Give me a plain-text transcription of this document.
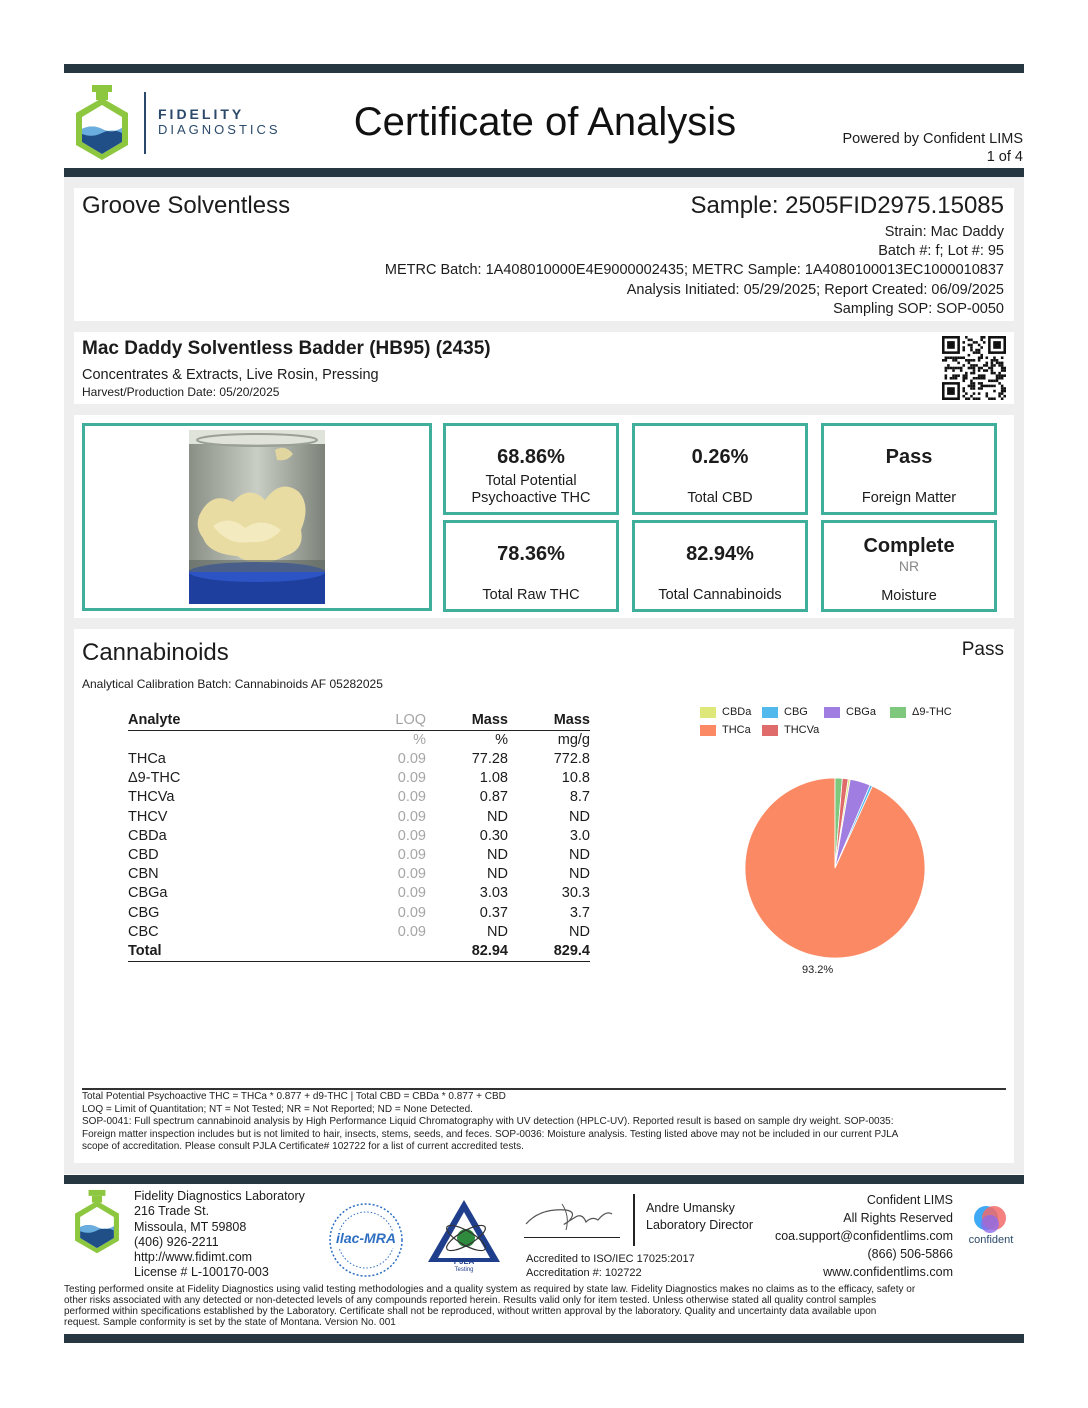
FIDELITY
DIAGNOSTICS	Certificate of Analysis	Powered by Confident LIMS
1 of 4
Groove Solventless	Sample: 2505FID2975.15085
Strain: Mac Daddy
Batch #: f; Lot #: 95
METRC Batch: 1A408010000E4E9000002435; METRC Sample: 1A4080100013EC1000010837
Analysis Initiated: 05/29/2025; Report Created: 06/09/2025
Sampling SOP: SOP-0050
Mac Daddy Solventless Badder (HB95) (2435)
Concentrates & Extracts, Live Rosin, Pressing
Harvest/Production Date: 05/20/2025
68.86%
Total Potential
Psychoactive THC
0.26%
Total CBD
Pass
Foreign Matter
78.36%
Total Raw THC
82.94%
Total Cannabinoids
Complete
NR
Moisture
Cannabinoids	Pass
Analytical Calibration Batch: Cannabinoids AF 05282025
Analyte	LOQ	Mass	Mass
	%	%	mg/g
THCa	0.09	77.28	772.8
Δ9-THC	0.09	1.08	10.8
THCVa	0.09	0.87	8.7
THCV	0.09	ND	ND
CBDa	0.09	0.30	3.0
CBD	0.09	ND	ND
CBN	0.09	ND	ND
CBGa	0.09	3.03	30.3
CBG	0.09	0.37	3.7
CBC	0.09	ND	ND
Total		82.94	829.4
CBDa	CBG	CBGa	Δ9-THC
THCa	THCVa
93.2%
Total Potential Psychoactive THC = THCa * 0.877 + d9-THC | Total CBD = CBDa * 0.877 + CBD
LOQ = Limit of Quantitation; NT = Not Tested; NR = Not Reported; ND = None Detected.
SOP-0041: Full spectrum cannabinoid analysis by High Performance Liquid Chromatography with UV detection (HPLC-UV). Reported result is based on sample dry weight. SOP-0035:
Foreign matter inspection includes but is not limited to hair, insects, stems, seeds, and feces. SOP-0036: Moisture analysis. Testing listed above may not be included in our current PJLA
scope of accreditation. Please consult PJLA Certificate# 102722 for a list of current accredited tests.
Fidelity Diagnostics Laboratory
216 Trade St.
Missoula, MT 59808
(406) 926-2211
http://www.fidimt.com
License # L-100170-003
ilac-MRA
PJLA
Testing
Andre Umansky
Laboratory Director
Accredited to ISO/IEC 17025:2017
Accreditation #: 102722
Confident LIMS
All Rights Reserved
coa.support@confidentlims.com
(866) 506-5866
www.confidentlims.com
confident
Testing performed onsite at Fidelity Diagnostics using valid testing methodologies and a quality system as required by state law. Fidelity Diagnostics makes no claims as to the efficacy, safety or
other risks associated with any detected or non-detected levels of any compounds reported herein. Results valid only for item tested. Unless otherwise stated all quality control samples
performed within specifications established by the Laboratory. Certificate shall not be reproduced, without written approval by the laboratory. Quality and uncertainty data available upon
request. Sample conformity is set by the state of Montana. Version No. 001
